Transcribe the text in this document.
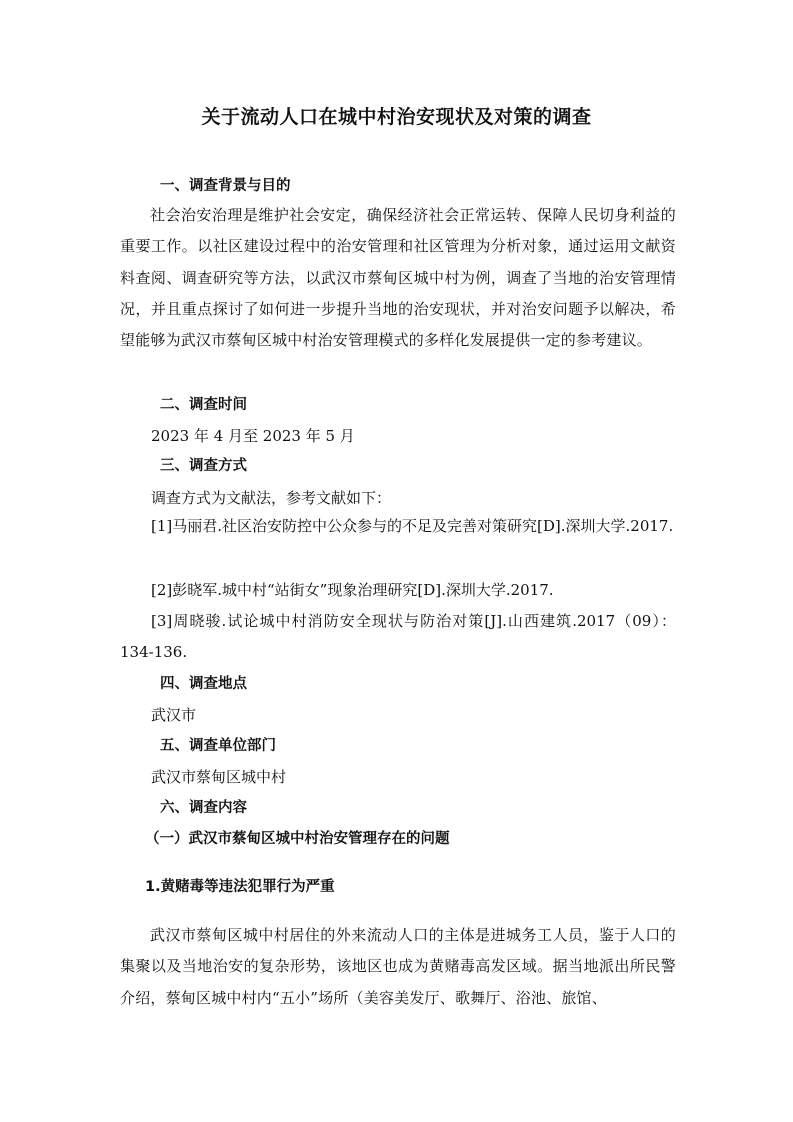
关于流动人口在城中村治安现状及对策的调查
一、调查背景与目的
社会治安治理是维护社会安定，确保经济社会正常运转、保障人民切身利益的重要工作。以社区建设过程中的治安管理和社区管理为分析对象，通过运用文献资料查阅、调查研究等方法，以武汉市蔡甸区城中村为例，调查了当地的治安管理情况，并且重点探讨了如何进一步提升当地的治安现状，并对治安问题予以解决，希望能够为武汉市蔡甸区城中村治安管理模式的多样化发展提供一定的参考建议。
二、调查时间
2023 年 4 月至 2023 年 5 月
三、调查方式
调查方式为文献法，参考文献如下：
[1]马丽君.社区治安防控中公众参与的不足及完善对策研究[D].深圳大学.2017.
[2]彭晓军.城中村“站街女”现象治理研究[D].深圳大学.2017.
[3]周晓骏.试论城中村消防安全现状与防治对策[J].山西建筑.2017（09）：134-136.
四、调查地点
武汉市
五、调查单位部门
武汉市蔡甸区城中村
六、调查内容
（一）武汉市蔡甸区城中村治安管理存在的问题
1.黄赌毒等违法犯罪行为严重
武汉市蔡甸区城中村居住的外来流动人口的主体是进城务工人员，鉴于人口的集聚以及当地治安的复杂形势，该地区也成为黄赌毒高发区域。据当地派出所民警介绍，蔡甸区城中村内“五小”场所（美容美发厅、歌舞厅、浴池、旅馆、
